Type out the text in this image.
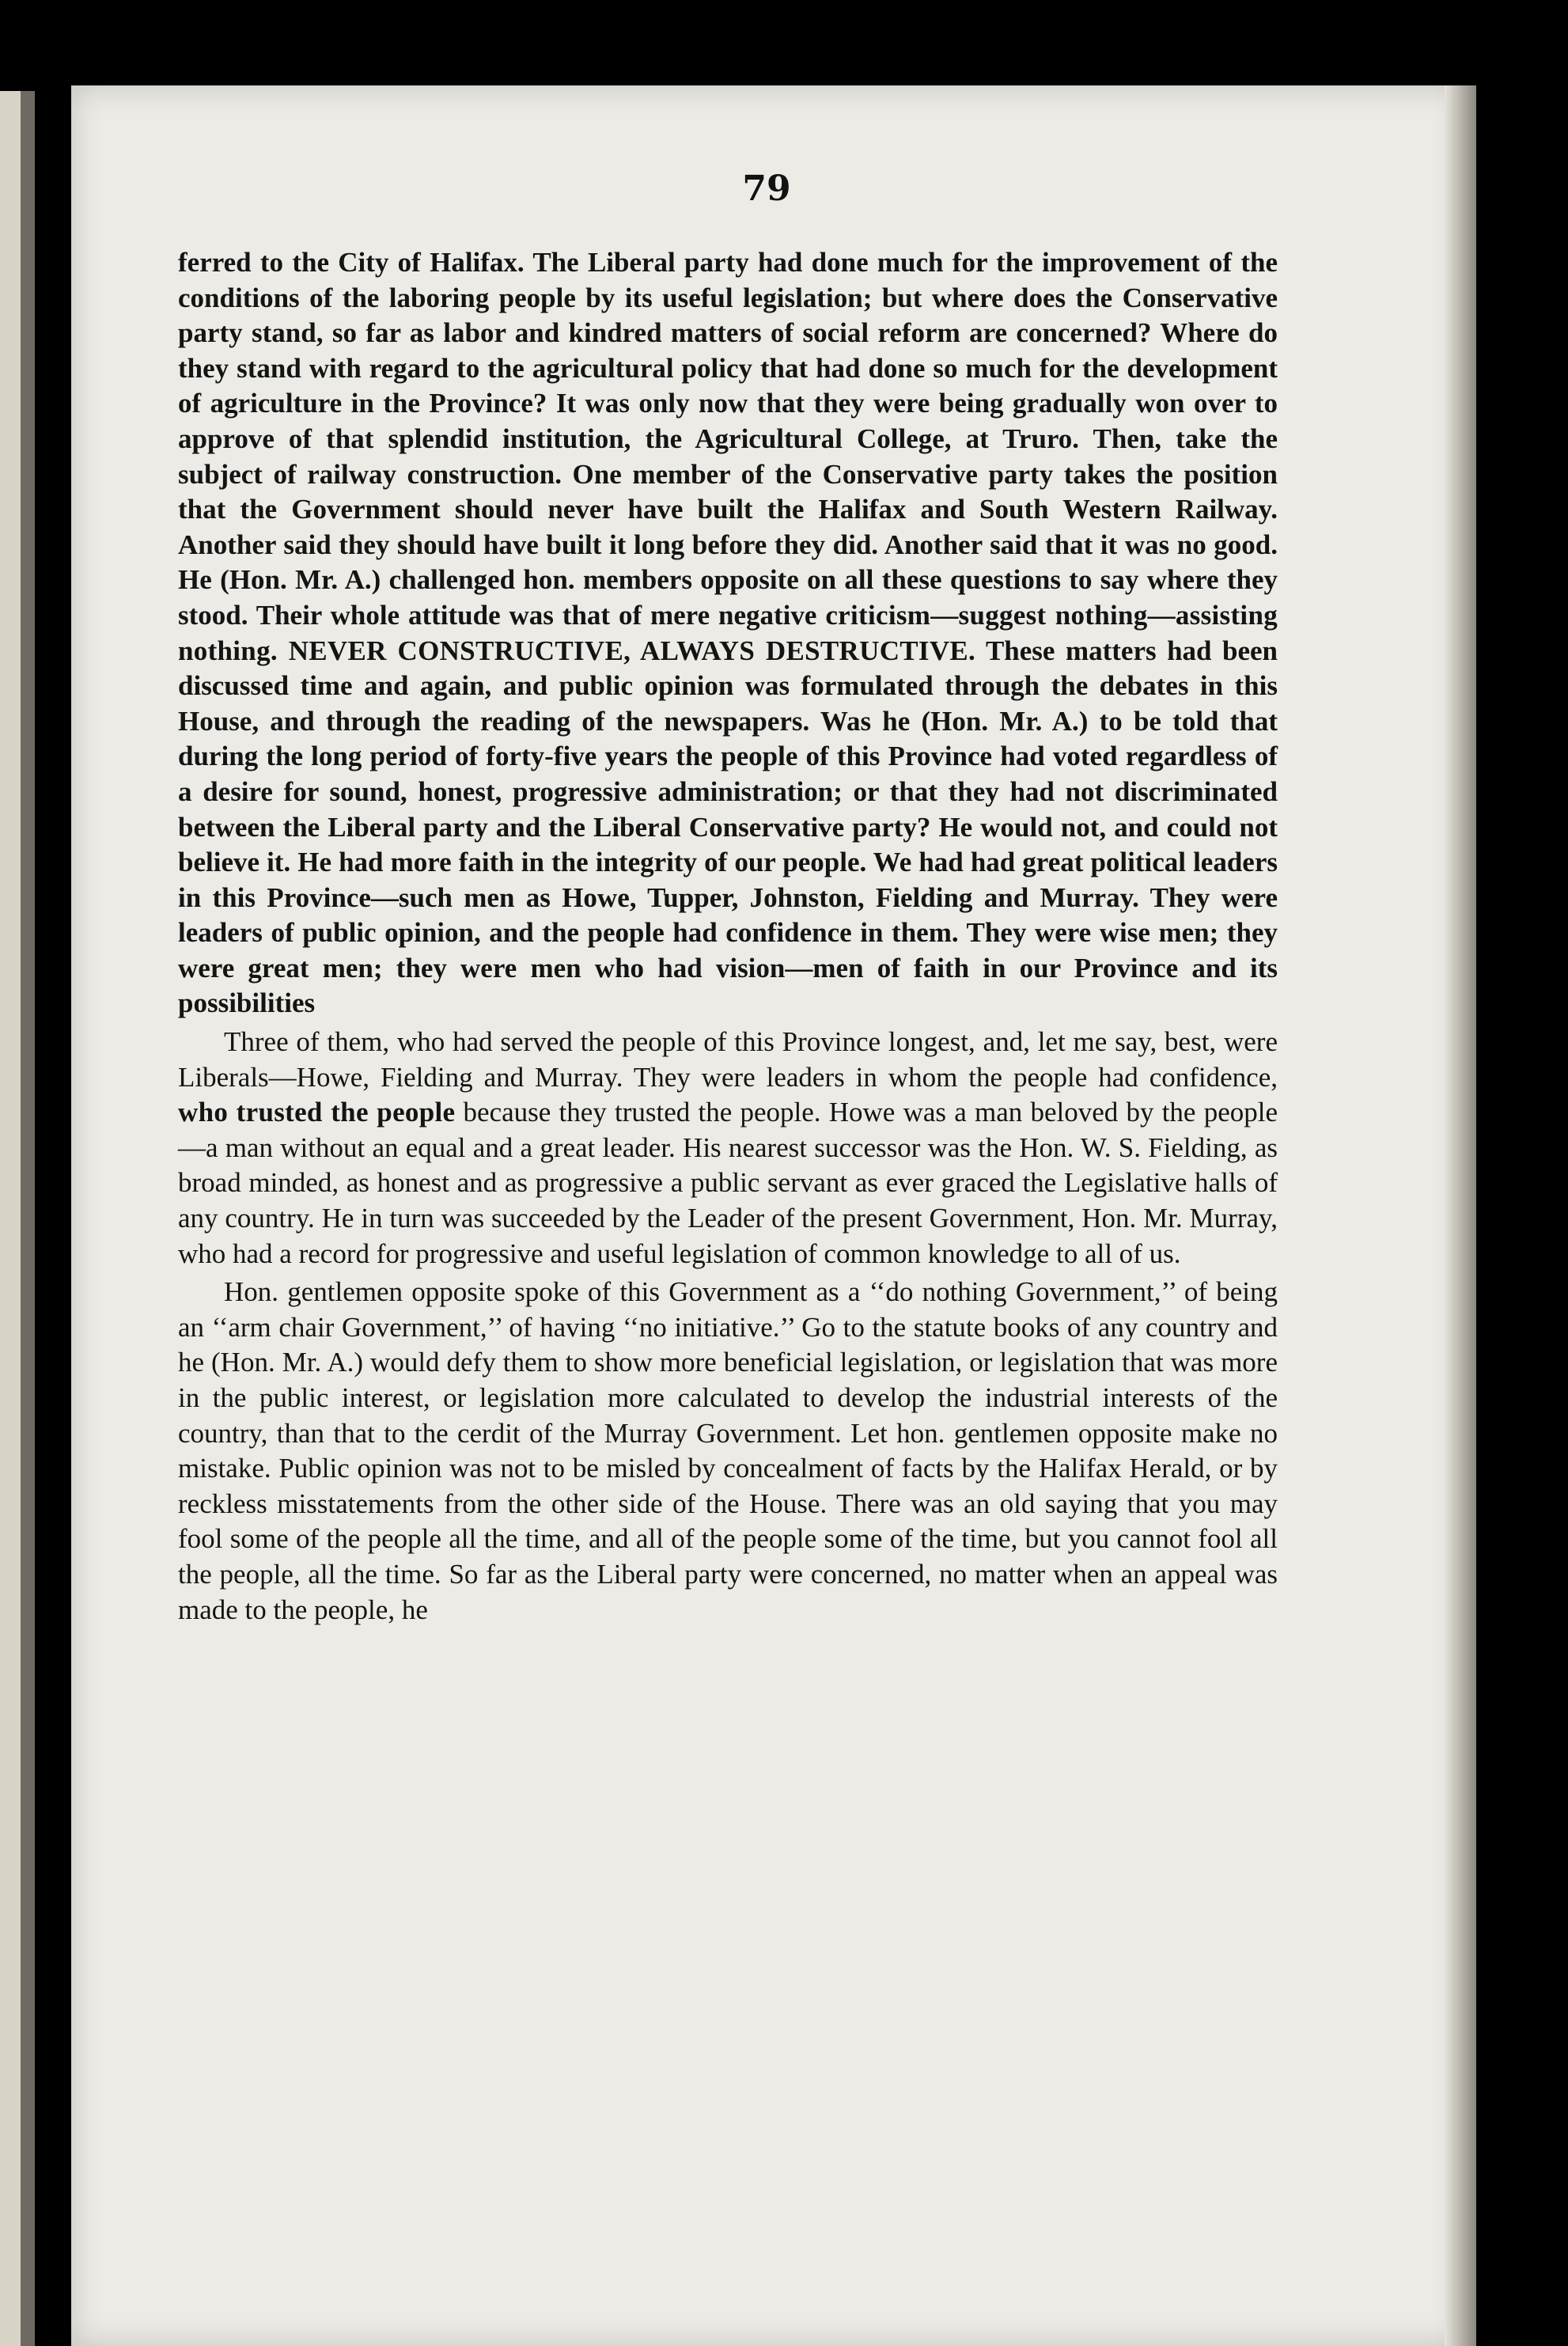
79

ferred to the City of Halifax. The Liberal party had done much for the improvement of the conditions of the laboring people by its useful legislation; but where does the Conservative party stand, so far as labor and kindred matters of social reform are concerned? Where do they stand with regard to the agricultural policy that had done so much for the development of agriculture in the Province? It was only now that they were being gradually won over to approve of that splendid institution, the Agricultural College, at Truro. Then, take the subject of railway construction. One member of the Conservative party takes the position that the Government should never have built the Halifax and South Western Railway. Another said they should have built it long before they did. Another said that it was no good. He (Hon. Mr. A.) challenged hon. members opposite on all these questions to say where they stood. Their whole attitude was that of mere negative criticism—suggest nothing—assisting nothing. NEVER CONSTRUCTIVE, ALWAYS DESTRUCTIVE. These matters had been discussed time and again, and public opinion was formulated through the debates in this House, and through the reading of the newspapers. Was he (Hon. Mr. A.) to be told that during the long period of forty-five years the people of this Province had voted regardless of a desire for sound, honest, progressive administration; or that they had not discriminated between the Liberal party and the Liberal Conservative party? He would not, and could not believe it. He had more faith in the integrity of our people. We had had great political leaders in this Province—such men as Howe, Tupper, Johnston, Fielding and Murray. They were leaders of public opinion, and the people had confidence in them. They were wise men; they were great men; they were men who had vision—men of faith in our Province and its possibilities

Three of them, who had served the people of this Province longest, and, let me say, best, were Liberals—Howe, Fielding and Murray. They were leaders in whom the people had confidence, who trusted the people because they trusted the people. Howe was a man beloved by the people—a man without an equal and a great leader. His nearest successor was the Hon. W. S. Fielding, as broad minded, as honest and as progressive a public servant as ever graced the Legislative halls of any country. He in turn was succeeded by the Leader of the present Government, Hon. Mr. Murray, who had a record for progressive and useful legislation of common knowledge to all of us.

Hon. gentlemen opposite spoke of this Government as a ‘‘do nothing Government,’’ of being an ‘‘arm chair Government,’’ of having ‘‘no initiative.’’ Go to the statute books of any country and he (Hon. Mr. A.) would defy them to show more beneficial legislation, or legislation that was more in the public interest, or legislation more calculated to develop the industrial interests of the country, than that to the cerdit of the Murray Government. Let hon. gentlemen opposite make no mistake. Public opinion was not to be misled by concealment of facts by the Halifax Herald, or by reckless misstatements from the other side of the House. There was an old saying that you may fool some of the people all the time, and all of the people some of the time, but you cannot fool all the people, all the time. So far as the Liberal party were concerned, no matter when an appeal was made to the people, he
